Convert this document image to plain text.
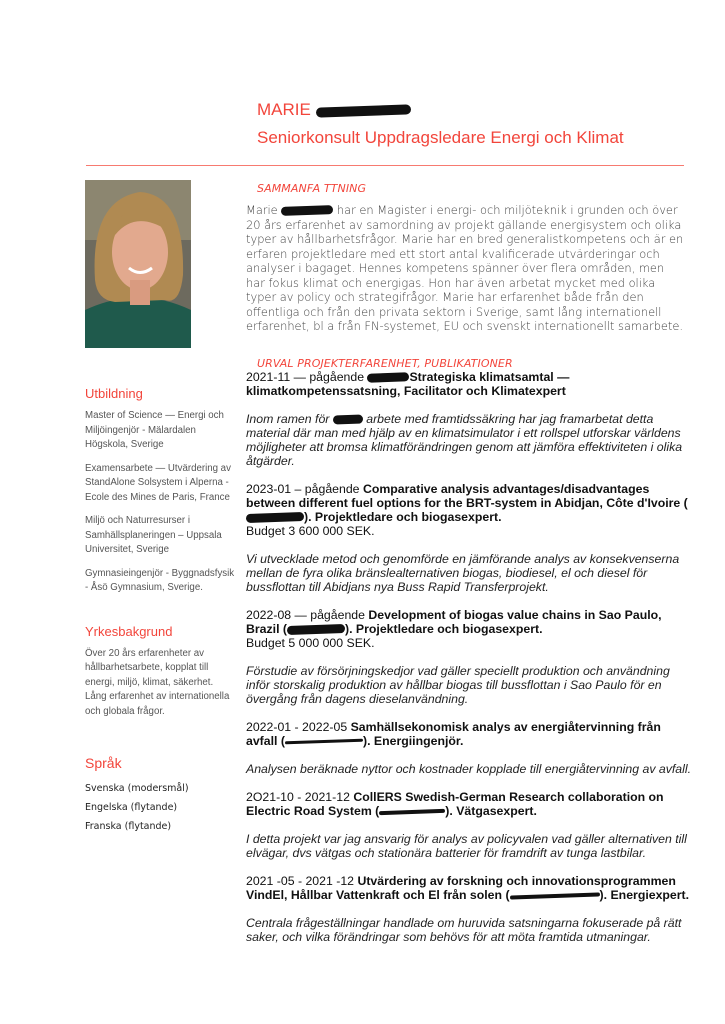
MARIE
Seniorkonsult Uppdragsledare Energi och Klimat
SAMMANFA TTNING
Marie	har en Magister i energi- och miljöteknik i grunden och över 20 års erfarenhet av samordning av projekt gällande energisystem och olika typer av hållbarhetsfrågor. Marie har en bred generalistkompetens och är en erfaren projektledare med ett stort antal kvalificerade utvärderingar och analyser i bagaget. Hennes kompetens spänner över flera områden, men har fokus klimat och energigas. Hon har även arbetat mycket med olika typer av policy och strategifrågor. Marie har erfarenhet både från den offentliga och från den privata sektorn i Sverige, samt lång internationell erfarenhet, bl a från FN-systemet, EU och svenskt internationellt samarbete.
URVAL PROJEKTERFARENHET, PUBLIKATIONER
2021-11 — pågående	Strategiska klimatsamtal — klimatkompetenssatsning, Facilitator och Klimatexpert
Inom ramen för	arbete med framtidssäkring har jag framarbetat detta material där man med hjälp av en klimatsimulator i ett rollspel utforskar världens möjligheter att bromsa klimatförändringen genom att jämföra effektiviteten i olika åtgärder.
2023-01 – pågående Comparative analysis advantages/disadvantages between different fuel options for the BRT-system in Abidjan, Côte d'Ivoire (). Projektledare och biogasexpert.
Budget 3 600 000 SEK.
Vi utvecklade metod och genomförde en jämförande analys av konsekvenserna mellan de fyra olika bränslealternativen biogas, biodiesel, el och diesel för bussflottan till Abidjans nya Buss Rapid Transferprojekt.
2022-08 — pågående Development of biogas value chains in Sao Paulo, Brazil (	). Projektledare och biogasexpert.
Budget 5 000 000 SEK.
Förstudie av försörjningskedjor vad gäller speciellt produktion och användning inför storskalig produktion av hållbar biogas till bussflottan i Sao Paulo för en övergång från dagens dieselanvändning.
2022-01 - 2022-05 Samhällsekonomisk analys av energiåtervinning från avfall (	). Energiingenjör.
Analysen beräknade nyttor och kostnader kopplade till energiåtervinning av avfall.
2O21-10 - 2021-12 CollERS Swedish-German Research collaboration on Electric Road System (	). Vätgasexpert.
I detta projekt var jag ansvarig för analys av policyvalen vad gäller alternativen till elvägar, dvs vätgas och stationära batterier för framdrift av tunga lastbilar.
2021 -05 - 2021 -12 Utvärdering av forskning och innovationsprogrammen VindEl, Hållbar Vattenkraft och El från solen (	). Energiexpert.
Centrala frågeställningar handlade om huruvida satsningarna fokuserade på rätt saker, och vilka förändringar som behövs för att möta framtida utmaningar.
Utbildning
Master of Science — Energi och Miljöingenjör - Mälardalen Högskola, Sverige
Examensarbete — Utvärdering av StandAlone Solsystem i Alperna - Ecole des Mines de Paris, France
Miljö och Naturresurser i Samhällsplaneringen – Uppsala Universitet, Sverige
Gymnasieingenjör - Byggnadsfysik - Åsö Gymnasium, Sverige.
Yrkesbakgrund
Över 20 års erfarenheter av hållbarhetsarbete, kopplat till energi, miljö, klimat, säkerhet. Lång erfarenhet av internationella och globala frågor.
Språk
Svenska (modersmål)
Engelska (flytande)
Franska (flytande)
